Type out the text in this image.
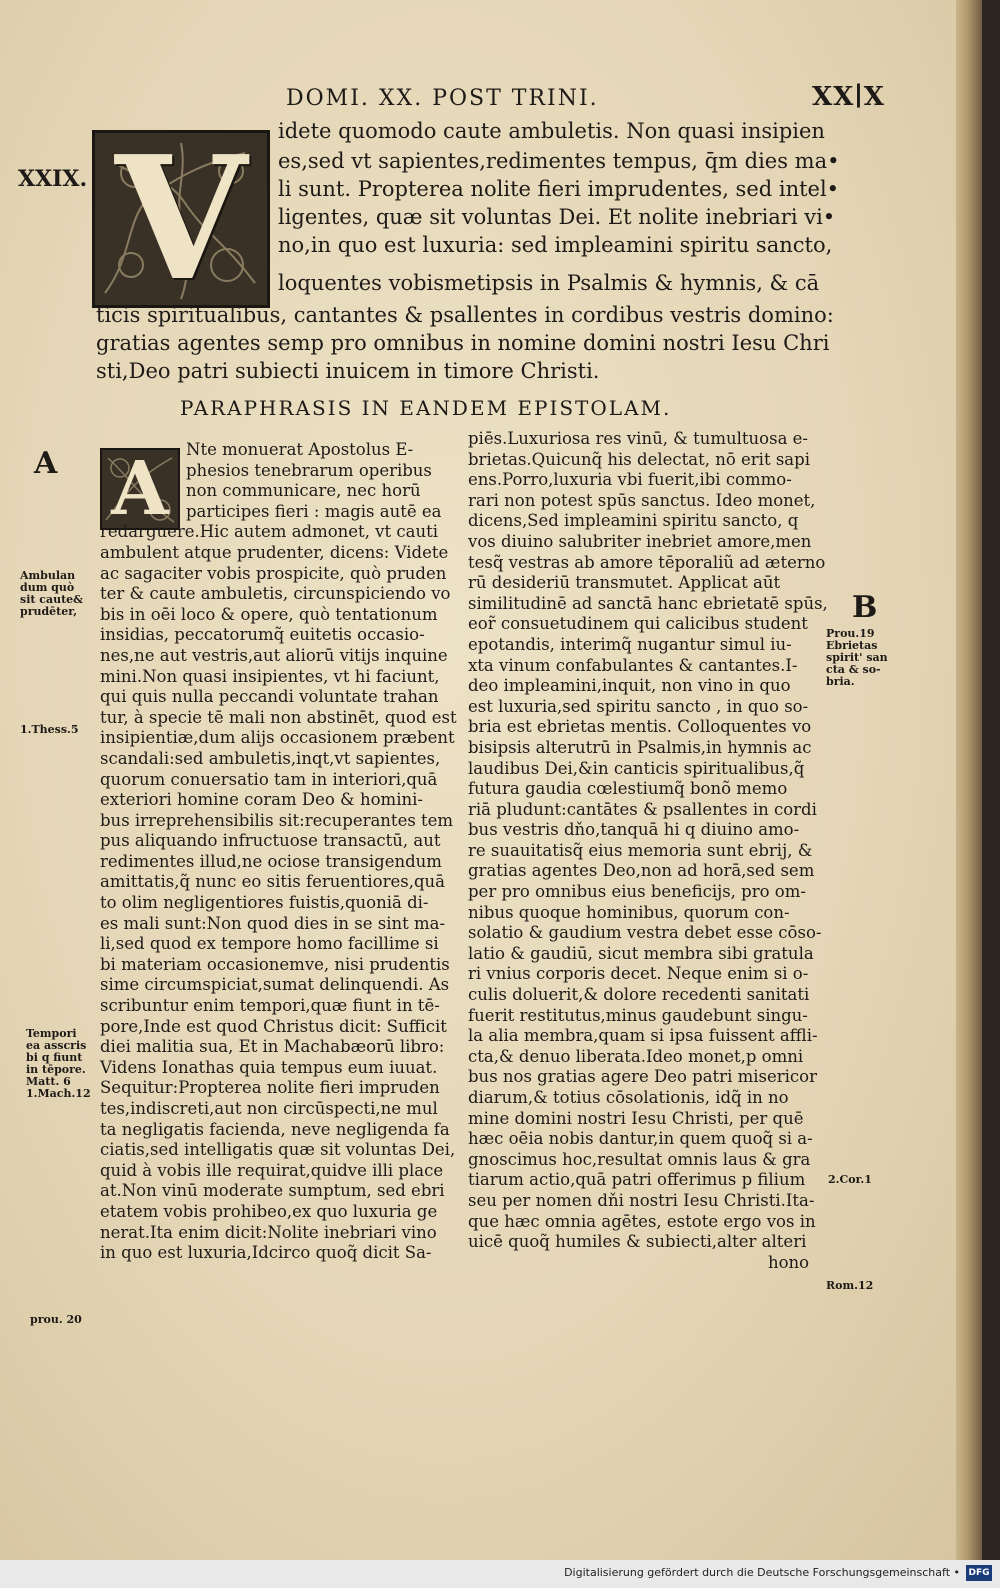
DOMI. XX. POST TRINI.	XX∣X
XXIX. V idete quomodo caute ambuletis. Non quasi insipien
es,sed vt sapientes,redimentes tempus, q̄m dies ma•
li sunt. Propterea nolite fieri imprudentes, sed intel•
ligentes, quæ sit voluntas Dei. Et nolite inebriari vi•
no,in quo est luxuria: sed impleamini spiritu sancto,
loquentes vobismetipsis in Psalmis & hymnis, & cā
ticis spiritualibus, cantantes & psallentes in cordibus vestris domino:
gratias agentes semp pro omnibus in nomine domini nostri Iesu Chri
sti,Deo patri subiecti inuicem in timore Christi.
PARAPHRASIS IN EANDEM EPISTOLAM.
A
B
A	Nte monuerat Apostolus E-
phesios tenebrarum operibus
non communicare, nec horū
participes fieri : magis autē ea
redarguere.Hic autem admonet, vt cauti
ambulent atque prudenter, dicens: Videte
ac sagaciter vobis prospicite, quò pruden
ter & caute ambuletis, circunspiciendo vo
bis in oēi loco & opere, quò tentationum
insidias, peccatorumq̃ euitetis occasio-
nes,ne aut vestris,aut aliorū vitijs inquine
mini.Non quasi insipientes, vt hi faciunt,
qui quis nulla peccandi voluntate trahan
tur, à specie tē mali non abstinēt, quod est
insipientiæ,dum alijs occasionem præbent
scandali:sed ambuletis,inqt,vt sapientes,
quorum conuersatio tam in interiori,quā
exteriori homine coram Deo & homini-
bus irreprehensibilis sit:recuperantes tem
pus aliquando infructuose transactū, aut
redimentes illud,ne ociose transigendum
amittatis,q̃ nunc eo sitis feruentiores,quā
to olim negligentiores fuistis,quoniā di-
es mali sunt:Non quod dies in se sint ma-
li,sed quod ex tempore homo facillime si
bi materiam occasionemve, nisi prudentis
sime circumspiciat,sumat delinquendi. As
scribuntur enim tempori,quæ fiunt in tē-
pore,Inde est quod Christus dicit: Sufficit
diei malitia sua, Et in Machabæorū libro:
Videns Ionathas quia tempus eum iuuat.
Sequitur:Propterea nolite fieri impruden
tes,indiscreti,aut non circūspecti,ne mul
ta negligatis facienda, neve negligenda fa
ciatis,sed intelligatis quæ sit voluntas Dei,
quid à vobis ille requirat,quidve illi place
at.Non vinū moderate sumptum, sed ebri
etatem vobis prohibeo,ex quo luxuria ge
nerat.Ita enim dicit:Nolite inebriari vino
in quo est luxuria,Idcirco quoq̃ dicit Sa-
piēs.Luxuriosa res vinū, & tumultuosa e-
brietas.Quicunq̃ his delectat, nō erit sapi
ens.Porro,luxuria vbi fuerit,ibi commo-
rari non potest spūs sanctus. Ideo monet,
dicens,Sed impleamini spiritu sancto, q
vos diuino salubriter inebriet amore,men
tesq̃ vestras ab amore tēporaliũ ad æterno
rū desideriū transmutet. Applicat aūt
similitudinē ad sanctā hanc ebrietatē spūs,
eor̃ consuetudinem qui calicibus student
epotandis, interimq̃ nugantur simul iu-
xta vinum confabulantes & cantantes.I-
deo impleamini,inquit, non vino in quo
est luxuria,sed spiritu sancto , in quo so-
bria est ebrietas mentis. Colloquentes vo
bisipsis alterutrū in Psalmis,in hymnis ac
laudibus Dei,&in canticis spiritualibus,q̃
futura gaudia cœlestiumq̃ bonõ memo
riā pludunt:cantātes & psallentes in cordi
bus vestris dňo,tanquā hi q diuino amo-
re suauitatisq̃ eius memoria sunt ebrij, &
gratias agentes Deo,non ad horā,sed sem
per pro omnibus eius beneficijs, pro om-
nibus quoque hominibus, quorum con-
solatio & gaudium vestra debet esse cōso-
latio & gaudiū, sicut membra sibi gratula
ri vnius corporis decet. Neque enim si o-
culis doluerit,& dolore recedenti sanitati
fuerit restitutus,minus gaudebunt singu-
la alia membra,quam si ipsa fuissent affli-
cta,& denuo liberata.Ideo monet,p omni
bus nos gratias agere Deo patri misericor
diarum,& totius cōsolationis, idq̃ in no
mine domini nostri Iesu Christi, per quē
hæc oēia nobis dantur,in quem quoq̃ si a-
gnoscimus hoc,resultat omnis laus & gra
tiarum actio,quā patri offerimus p filium
seu per nomen dňi nostri Iesu Christi.Ita-
que hæc omnia agētes, estote ergo vos in
uicē quoq̃ humiles & subiecti,alter alteri
hono
Ambulan
dum quò
sit caute&
prudēter,
1.Thess.5
Tempori
ea asscris
bi q fiunt
in tēpore.
Matt. 6
1.Mach.12
prou. 20
Prou.19
Ebrietas
spirit' san
cta & so-
bria.
2.Cor.1
Rom.12
Digitalisierung gefördert durch die Deutsche Forschungsgemeinschaft • DFG
